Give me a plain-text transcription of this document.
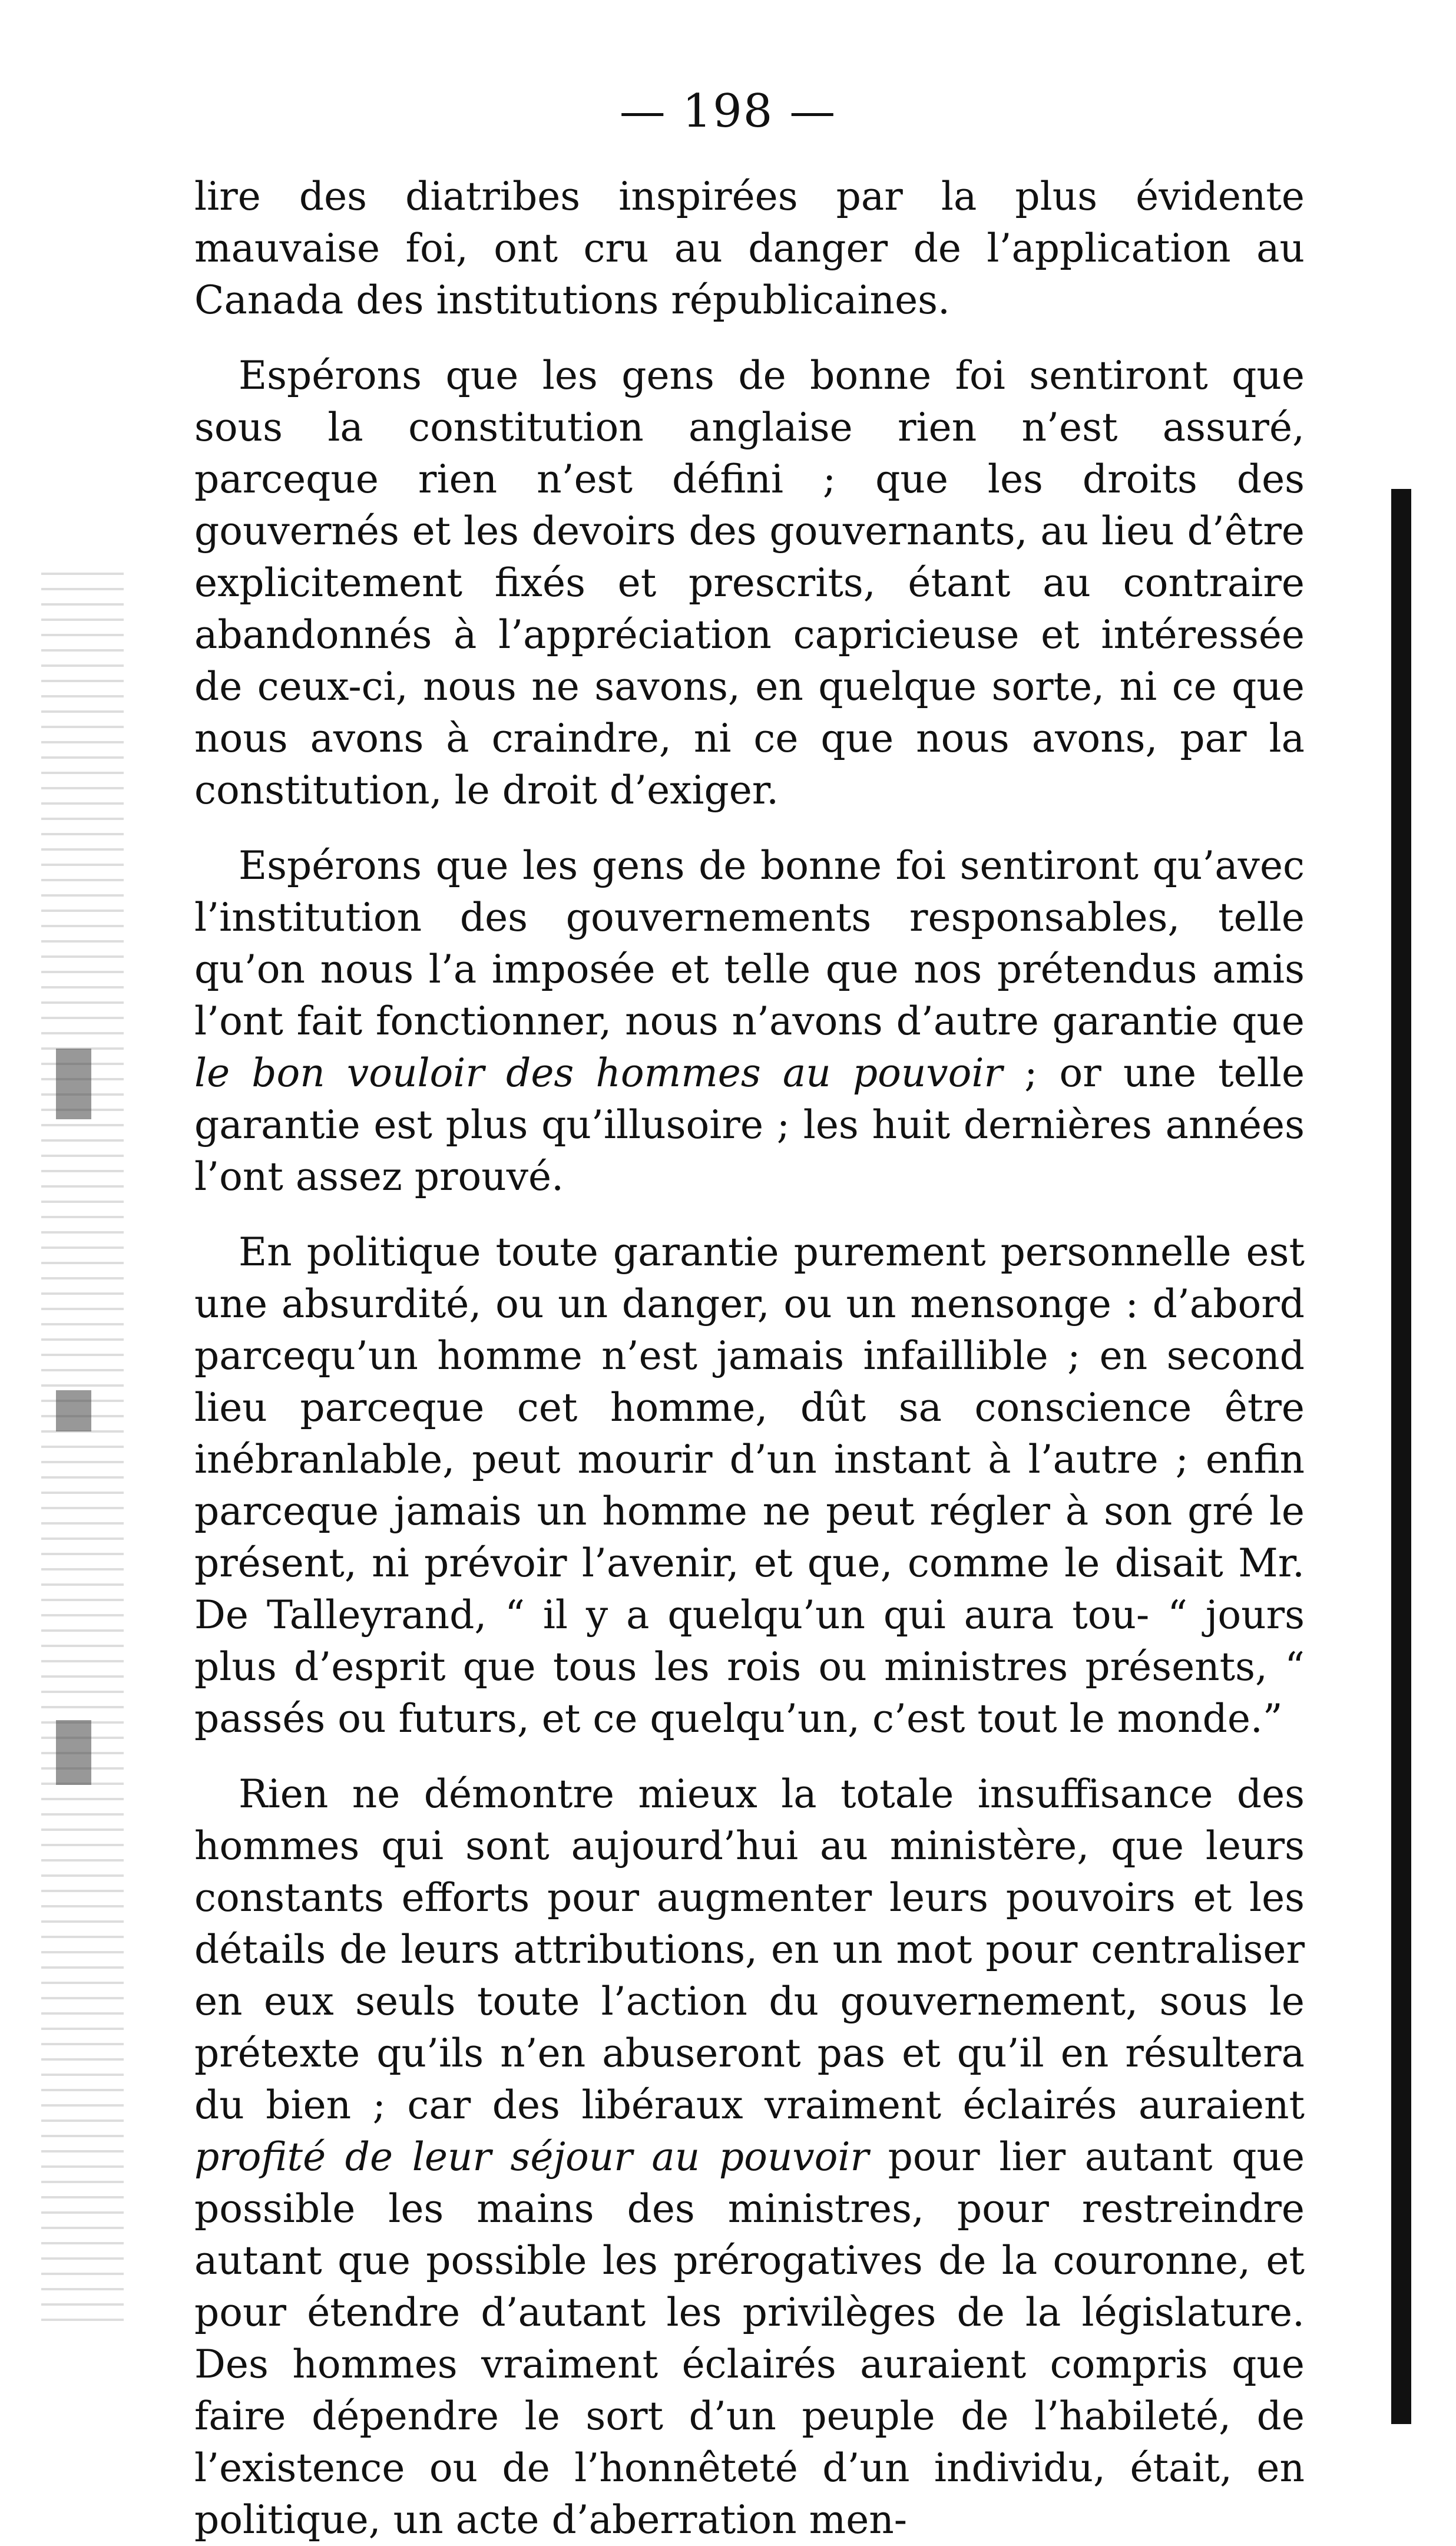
— 198 —

lire des diatribes inspirées par la plus évidente mauvaise foi, ont cru au danger de l’application au Canada des institutions républicaines.

Espérons que les gens de bonne foi sentiront que sous la constitution anglaise rien n’est assuré, parceque rien n’est défini ; que les droits des gouvernés et les devoirs des gouvernants, au lieu d’être explicitement fixés et prescrits, étant au contraire abandonnés à l’appréciation capricieuse et intéressée de ceux-ci, nous ne savons, en quelque sorte, ni ce que nous avons à craindre, ni ce que nous avons, par la constitution, le droit d’exiger.

Espérons que les gens de bonne foi sentiront qu’avec l’institution des gouvernements responsables, telle qu’on nous l’a imposée et telle que nos prétendus amis l’ont fait fonctionner, nous n’avons d’autre garantie que le bon vouloir des hommes au pouvoir ; or une telle garantie est plus qu’illusoire ; les huit dernières années l’ont assez prouvé.

En politique toute garantie purement personnelle est une absurdité, ou un danger, ou un mensonge : d’abord parcequ’un homme n’est jamais infaillible ; en second lieu parceque cet homme, dût sa conscience être inébranlable, peut mourir d’un instant à l’autre ; enfin parceque jamais un homme ne peut régler à son gré le présent, ni prévoir l’avenir, et que, comme le disait Mr. De Talleyrand, “ il y a quelqu’un qui aura tou- “ jours plus d’esprit que tous les rois ou ministres présents, “ passés ou futurs, et ce quelqu’un, c’est tout le monde.”

Rien ne démontre mieux la totale insuffisance des hommes qui sont aujourd’hui au ministère, que leurs constants efforts pour augmenter leurs pouvoirs et les détails de leurs attributions, en un mot pour centraliser en eux seuls toute l’action du gouvernement, sous le prétexte qu’ils n’en abuseront pas et qu’il en résultera du bien ; car des libéraux vraiment éclairés auraient profité de leur séjour au pouvoir pour lier autant que possible les mains des ministres, pour restreindre autant que possible les prérogatives de la couronne, et pour étendre d’autant les privilèges de la législature. Des hommes vraiment éclairés auraient compris que faire dépendre le sort d’un peuple de l’habileté, de l’existence ou de l’honnêteté d’un individu, était, en politique, un acte d’aberration men-
